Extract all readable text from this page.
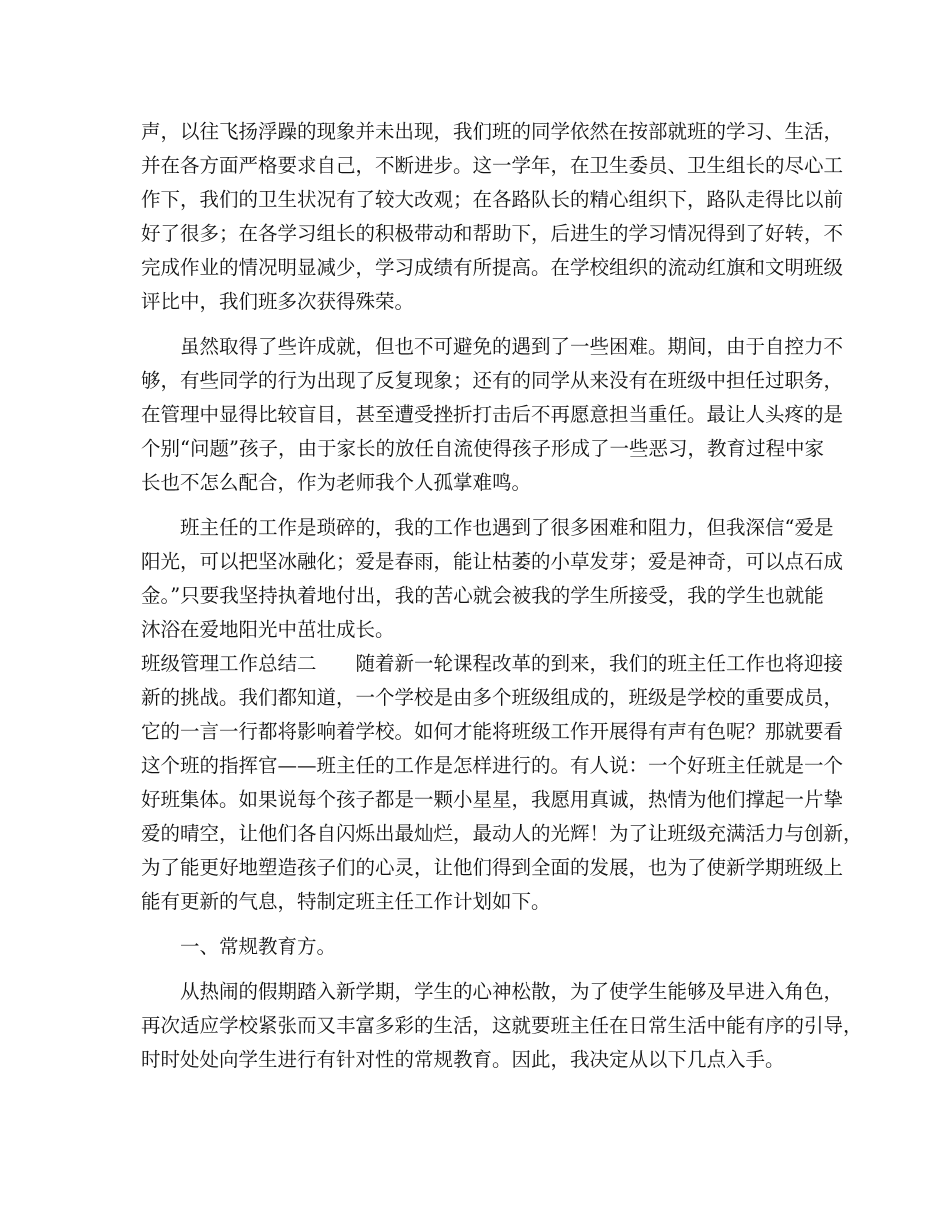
声，以往飞扬浮躁的现象并未出现，我们班的同学依然在按部就班的学习、生活，
并在各方面严格要求自己，不断进步。这一学年，在卫生委员、卫生组长的尽心工
作下，我们的卫生状况有了较大改观；在各路队长的精心组织下，路队走得比以前
好了很多；在各学习组长的积极带动和帮助下，后进生的学习情况得到了好转，不
完成作业的情况明显减少，学习成绩有所提高。在学校组织的流动红旗和文明班级
评比中，我们班多次获得殊荣。
　　虽然取得了些许成就，但也不可避免的遇到了一些困难。期间，由于自控力不
够，有些同学的行为出现了反复现象；还有的同学从来没有在班级中担任过职务，
在管理中显得比较盲目，甚至遭受挫折打击后不再愿意担当重任。最让人头疼的是
个别“问题”孩子，由于家长的放任自流使得孩子形成了一些恶习，教育过程中家
长也不怎么配合，作为老师我个人孤掌难鸣。
　　班主任的工作是琐碎的，我的工作也遇到了很多困难和阻力，但我深信“爱是
阳光，可以把坚冰融化；爱是春雨，能让枯萎的小草发芽；爱是神奇，可以点石成
金。”只要我坚持执着地付出，我的苦心就会被我的学生所接受，我的学生也就能
沐浴在爱地阳光中茁壮成长。
班级管理工作总结二　　随着新一轮课程改革的到来，我们的班主任工作也将迎接
新的挑战。我们都知道，一个学校是由多个班级组成的，班级是学校的重要成员，
它的一言一行都将影响着学校。如何才能将班级工作开展得有声有色呢？那就要看
这个班的指挥官——班主任的工作是怎样进行的。有人说：一个好班主任就是一个
好班集体。如果说每个孩子都是一颗小星星，我愿用真诚，热情为他们撑起一片挚
爱的晴空，让他们各自闪烁出最灿烂，最动人的光辉！为了让班级充满活力与创新，
为了能更好地塑造孩子们的心灵，让他们得到全面的发展，也为了使新学期班级上
能有更新的气息，特制定班主任工作计划如下。
　　一、常规教育方。
　　从热闹的假期踏入新学期，学生的心神松散，为了使学生能够及早进入角色，
再次适应学校紧张而又丰富多彩的生活，这就要班主任在日常生活中能有序的引导，
时时处处向学生进行有针对性的常规教育。因此，我决定从以下几点入手。
